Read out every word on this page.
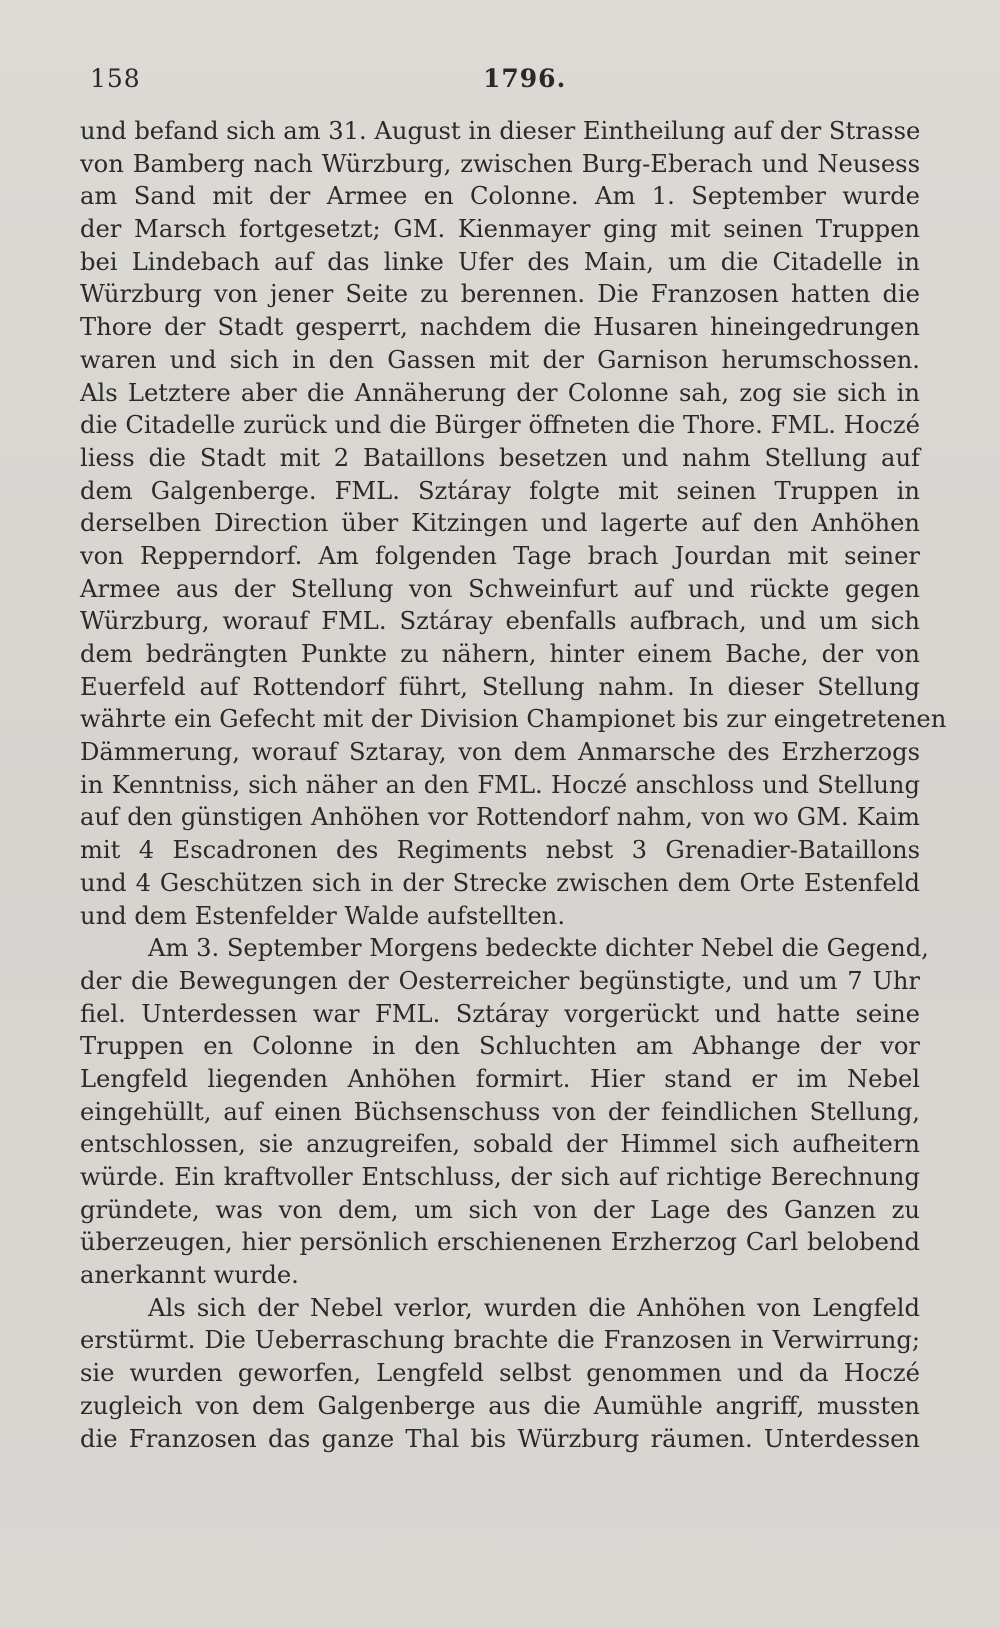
158	1796.
und befand sich am 31. August in dieser Eintheilung auf der Strasse
von Bamberg nach Würzburg, zwischen Burg-Eberach und Neusess
am Sand mit der Armee en Colonne. Am 1. September wurde
der Marsch fortgesetzt; GM. Kienmayer ging mit seinen Truppen
bei Lindebach auf das linke Ufer des Main, um die Citadelle in
Würzburg von jener Seite zu berennen. Die Franzosen hatten die
Thore der Stadt gesperrt, nachdem die Husaren hineingedrungen
waren und sich in den Gassen mit der Garnison herumschossen.
Als Letztere aber die Annäherung der Colonne sah, zog sie sich in
die Citadelle zurück und die Bürger öffneten die Thore. FML. Hoczé
liess die Stadt mit 2 Bataillons besetzen und nahm Stellung auf
dem Galgenberge. FML. Sztáray folgte mit seinen Truppen in
derselben Direction über Kitzingen und lagerte auf den Anhöhen
von Repperndorf. Am folgenden Tage brach Jourdan mit seiner
Armee aus der Stellung von Schweinfurt auf und rückte gegen
Würzburg, worauf FML. Sztáray ebenfalls aufbrach, und um sich
dem bedrängten Punkte zu nähern, hinter einem Bache, der von
Euerfeld auf Rottendorf führt, Stellung nahm. In dieser Stellung
währte ein Gefecht mit der Division Championet bis zur eingetretenen
Dämmerung, worauf Sztaray, von dem Anmarsche des Erzherzogs
in Kenntniss, sich näher an den FML. Hoczé anschloss und Stellung
auf den günstigen Anhöhen vor Rottendorf nahm, von wo GM. Kaim
mit 4 Escadronen des Regiments nebst 3 Grenadier-Bataillons
und 4 Geschützen sich in der Strecke zwischen dem Orte Estenfeld
und dem Estenfelder Walde aufstellten.
Am 3. September Morgens bedeckte dichter Nebel die Gegend,
der die Bewegungen der Oesterreicher begünstigte, und um 7 Uhr
fiel. Unterdessen war FML. Sztáray vorgerückt und hatte seine
Truppen en Colonne in den Schluchten am Abhange der vor
Lengfeld liegenden Anhöhen formirt. Hier stand er im Nebel
eingehüllt, auf einen Büchsenschuss von der feindlichen Stellung,
entschlossen, sie anzugreifen, sobald der Himmel sich aufheitern
würde. Ein kraftvoller Entschluss, der sich auf richtige Berechnung
gründete, was von dem, um sich von der Lage des Ganzen zu
überzeugen, hier persönlich erschienenen Erzherzog Carl belobend
anerkannt wurde.
Als sich der Nebel verlor, wurden die Anhöhen von Lengfeld
erstürmt. Die Ueberraschung brachte die Franzosen in Verwirrung;
sie wurden geworfen, Lengfeld selbst genommen und da Hoczé
zugleich von dem Galgenberge aus die Aumühle angriff, mussten
die Franzosen das ganze Thal bis Würzburg räumen. Unterdessen
